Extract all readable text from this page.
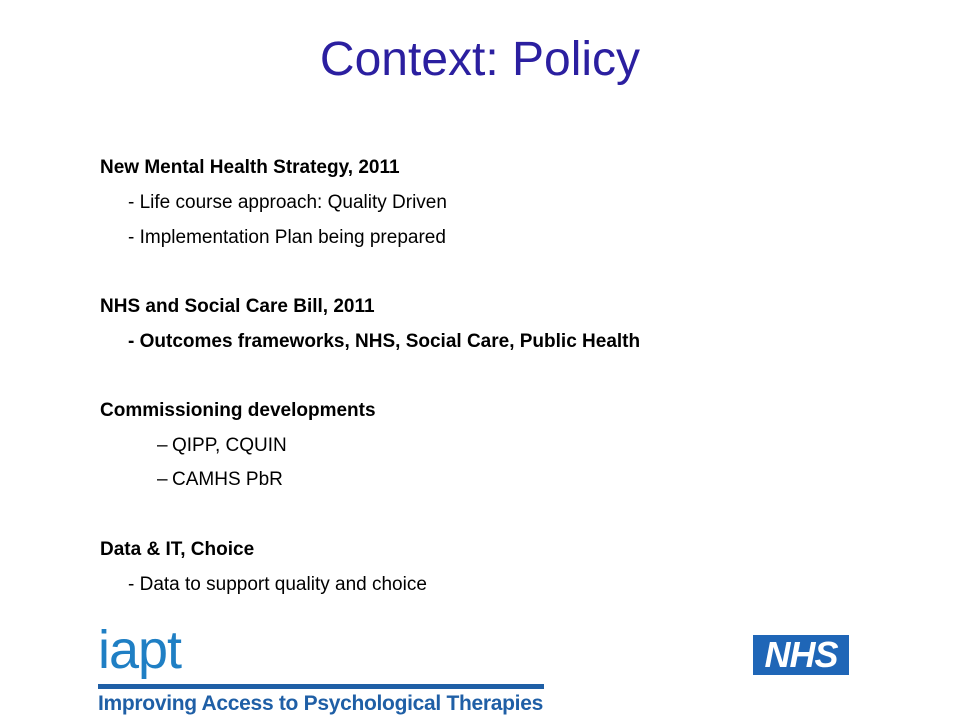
Context: Policy
New Mental Health Strategy, 2011
- Life course approach: Quality Driven
- Implementation Plan being prepared
NHS and Social Care Bill, 2011
- Outcomes frameworks, NHS, Social Care, Public Health
Commissioning developments
– QIPP, CQUIN
– CAMHS PbR
Data & IT, Choice
- Data to support quality and choice
iapt
Improving Access to Psychological Therapies
NHS
